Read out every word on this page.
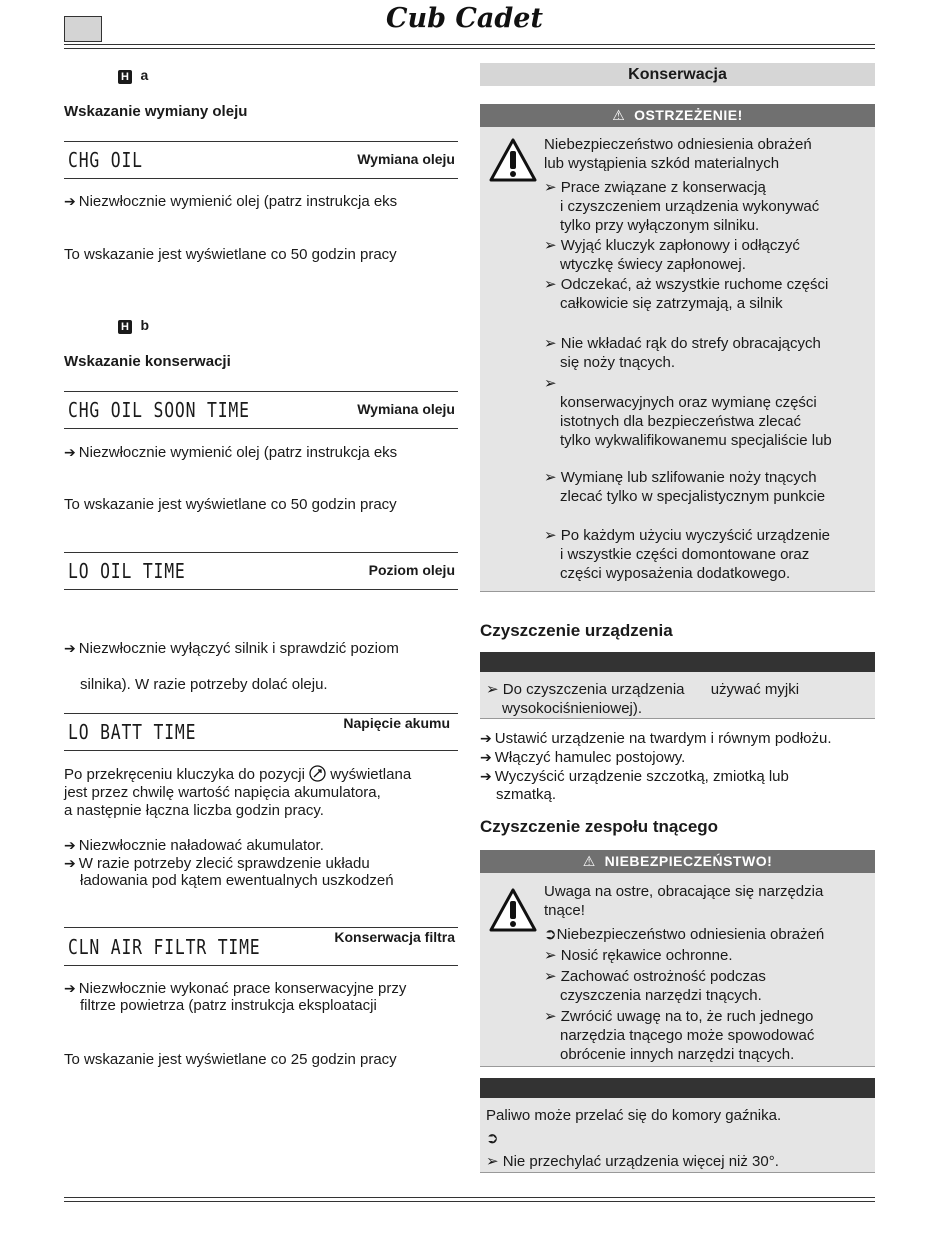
Cub Cadet
H a
Wskazanie wymiany oleju
CHG OIL	Wymiana oleju
➔ Niezwłocznie wymienić olej (patrz instrukcja eks
To wskazanie jest wyświetlane co 50 godzin pracy
H b
Wskazanie konserwacji
CHG OIL SOON TIME	Wymiana oleju
➔ Niezwłocznie wymienić olej (patrz instrukcja eks
To wskazanie jest wyświetlane co 50 godzin pracy
LO OIL TIME	Poziom oleju
➔ Niezwłocznie wyłączyć silnik i sprawdzić poziom
silnika). W razie potrzeby dolać oleju.
LO BATT TIME	Napięcie akumu
Po przekręceniu kluczyka do pozycji wyświetlana
jest przez chwilę wartość napięcia akumulatora,
a następnie łączna liczba godzin pracy.
➔ Niezwłocznie naładować akumulator.
➔ W razie potrzeby zlecić sprawdzenie układu
ładowania pod kątem ewentualnych uszkodzeń
CLN AIR FILTR TIME	Konserwacja filtra
➔ Niezwłocznie wykonać prace konserwacyjne przy
filtrze powietrza (patrz instrukcja eksploatacji
To wskazanie jest wyświetlane co 25 godzin pracy
Konserwacja
⚠ OSTRZEŻENIE!
Niebezpieczeństwo odniesienia obrażeń
lub wystąpienia szkód materialnych
➢ Prace związane z konserwacją
i czyszczeniem urządzenia wykonywać
tylko przy wyłączonym silniku.
➢ Wyjąć kluczyk zapłonowy i odłączyć
wtyczkę świecy zapłonowej.
➢ Odczekać, aż wszystkie ruchome części
całkowicie się zatrzymają, a silnik
➢ Nie wkładać rąk do strefy obracających
się noży tnących.
➢
konserwacyjnych oraz wymianę części
istotnych dla bezpieczeństwa zlecać
tylko wykwalifikowanemu specjaliście lub
➢ Wymianę lub szlifowanie noży tnących
zlecać tylko w specjalistycznym punkcie
➢ Po każdym użyciu wyczyścić urządzenie
i wszystkie części domontowane oraz
części wyposażenia dodatkowego.
Czyszczenie urządzenia
➢ Do czyszczenia urządzenia używać myjki
wysokociśnieniowej).
➔ Ustawić urządzenie na twardym i równym podłożu.
➔ Włączyć hamulec postojowy.
➔ Wyczyścić urządzenie szczotką, zmiotką lub
szmatką.
Czyszczenie zespołu tnącego
⚠ NIEBEZPIECZEŃSTWO!
Uwaga na ostre, obracające się narzędzia
tnące!
➲Niebezpieczeństwo odniesienia obrażeń
➢ Nosić rękawice ochronne.
➢ Zachować ostrożność podczas
czyszczenia narzędzi tnących.
➢ Zwrócić uwagę na to, że ruch jednego
narzędzia tnącego może spowodować
obrócenie innych narzędzi tnących.
Paliwo może przelać się do komory gaźnika.
➲
➢ Nie przechylać urządzenia więcej niż 30°.
